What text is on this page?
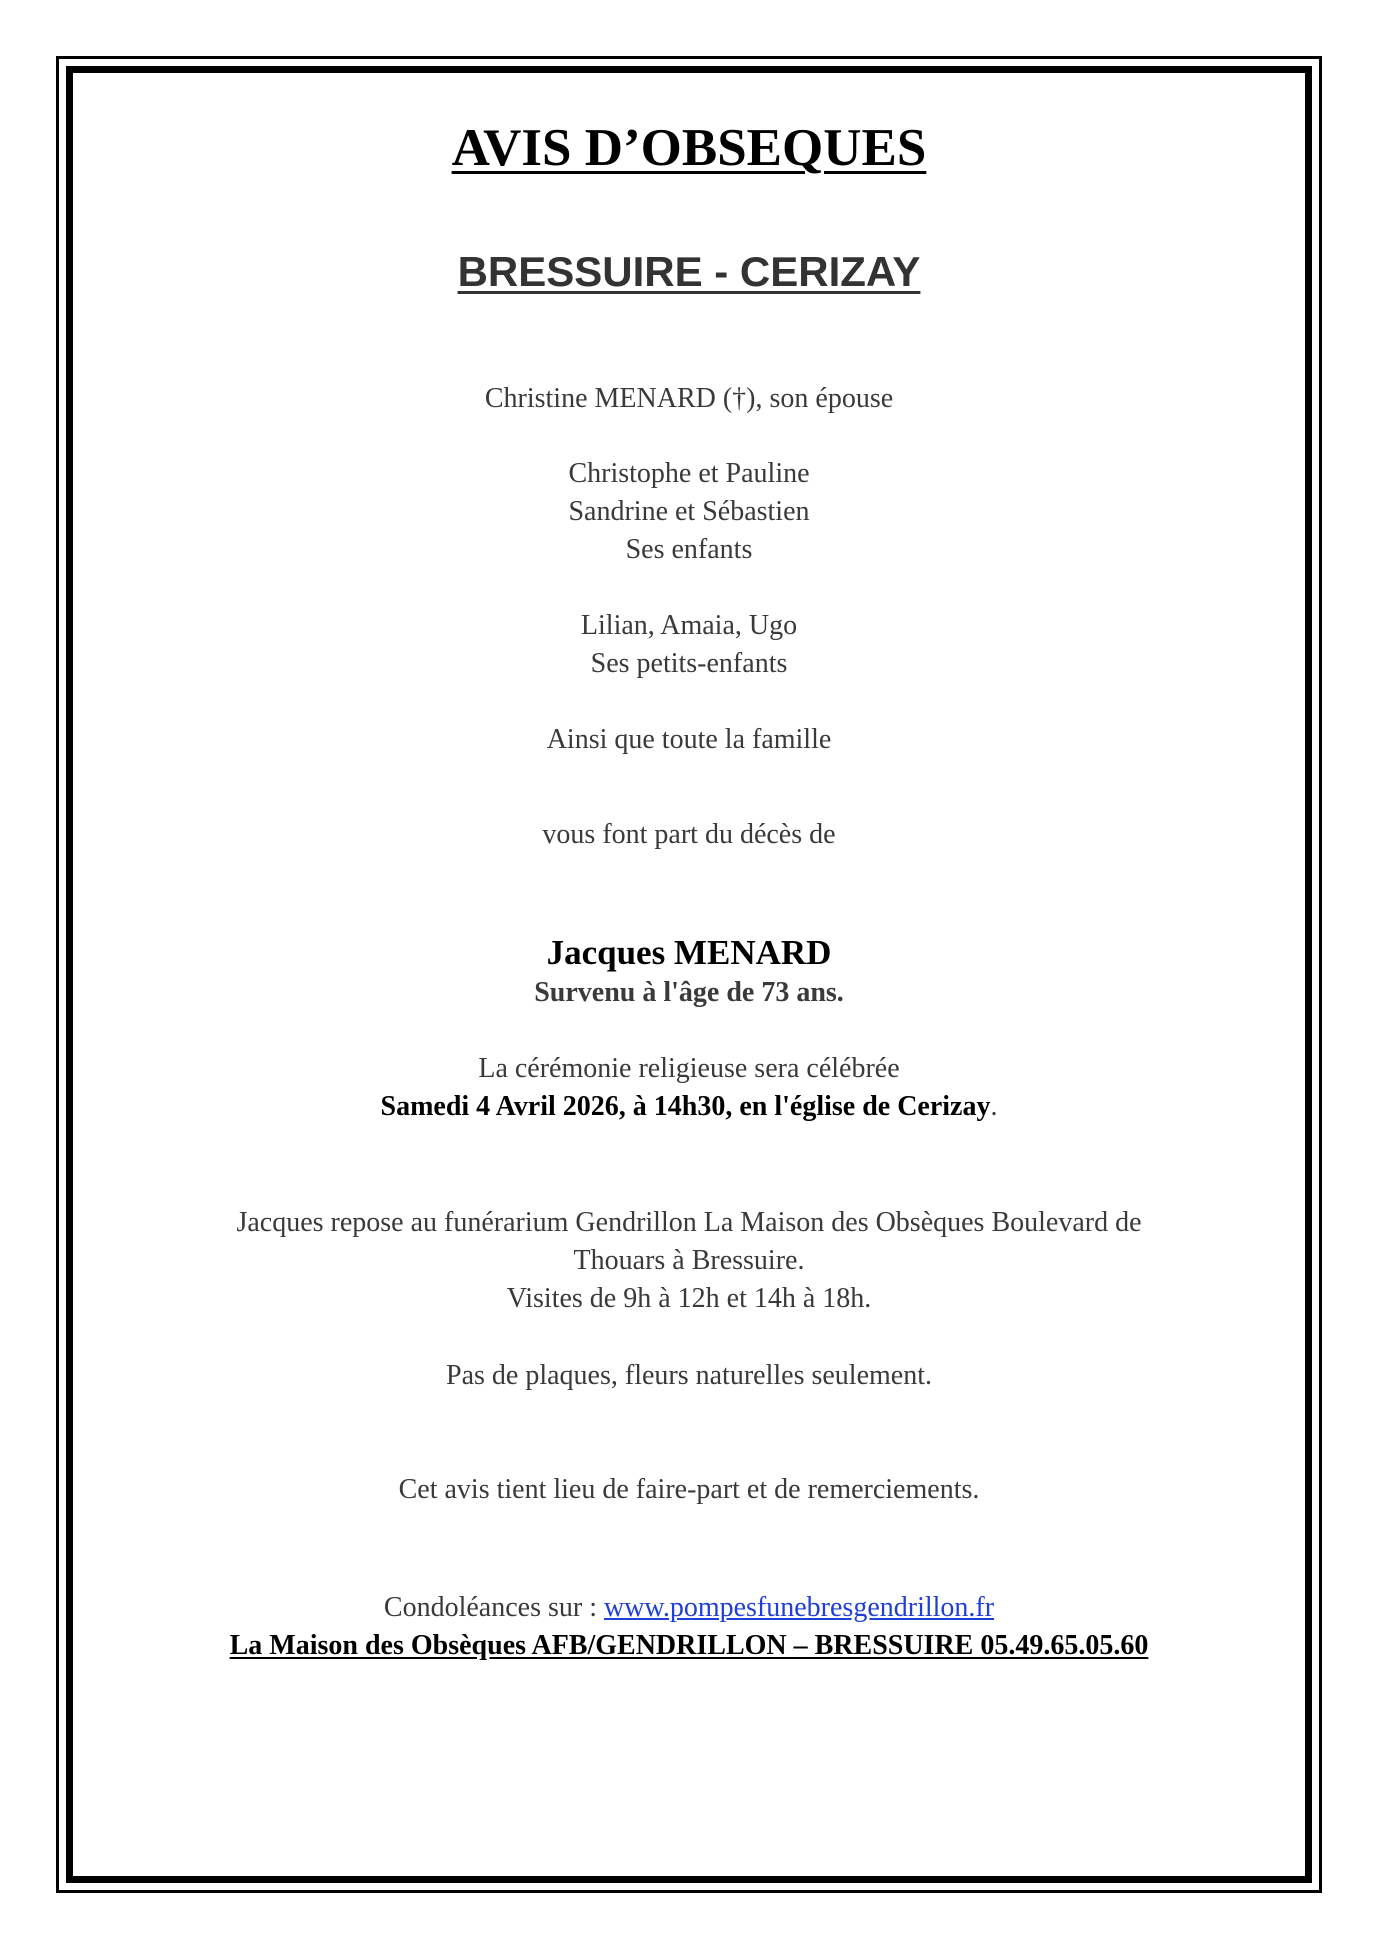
AVIS D’OBSEQUES
BRESSUIRE - CERIZAY
Christine MENARD (†), son épouse
Christophe et Pauline
Sandrine et Sébastien
Ses enfants
Lilian, Amaia, Ugo
Ses petits-enfants
Ainsi que toute la famille
vous font part du décès de
Jacques MENARD
Survenu à l'âge de 73 ans.
La cérémonie religieuse sera célébrée
Samedi 4 Avril 2026, à 14h30, en l'église de Cerizay.
Jacques repose au funérarium Gendrillon La Maison des Obsèques Boulevard de
Thouars à Bressuire.
Visites de 9h à 12h et 14h à 18h.
Pas de plaques, fleurs naturelles seulement.
Cet avis tient lieu de faire-part et de remerciements.
Condoléances sur : www.pompesfunebresgendrillon.fr
La Maison des Obsèques AFB/GENDRILLON – BRESSUIRE 05.49.65.05.60
